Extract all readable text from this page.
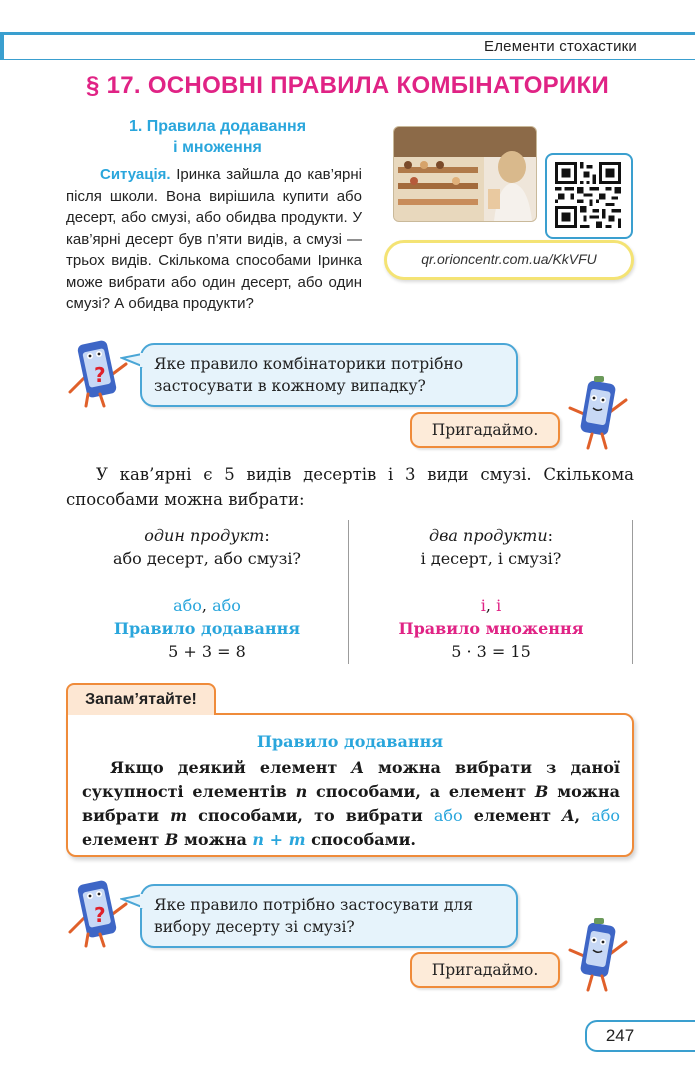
Елементи стохастики
§ 17. ОСНОВНІ ПРАВИЛА КОМБІНАТОРИКИ
1. Правила додавання
і множення
Ситуація. Іринка зайшла до кав’ярні після школи. Вона вирішила купити або десерт, або смузі, або обидва продукти. У кав’ярні десерт був п’яти видів, а смузі — трьох видів. Скількома способами Іринка може вибрати або один десерт, або один смузі? А обидва продукти?
qr.orioncentr.com.ua/KkVFU
?	Яке правило комбінаторики потрібно
застосувати в кожному випадку?
Пригадаймо.
У кав’ярні є 5 видів десертів і 3 види смузі. Скількома способами можна вибрати:
один продукт:
або десерт, або смузі?
або, або
Правило додавання
5 + 3 = 8
два продукти:
і десерт, і смузі?
і, і
Правило множення
5 · 3 = 15
Запам’ятайте!
Правило додавання
Якщо деякий елемент A можна вибрати з даної сукупності елементів n способами, а елемент B можна вибрати m способами, то вибрати або елемент A, або елемент B можна n + m способами.
?	Яке правило потрібно застосувати для
вибору десерту зі смузі?
Пригадаймо.
247
